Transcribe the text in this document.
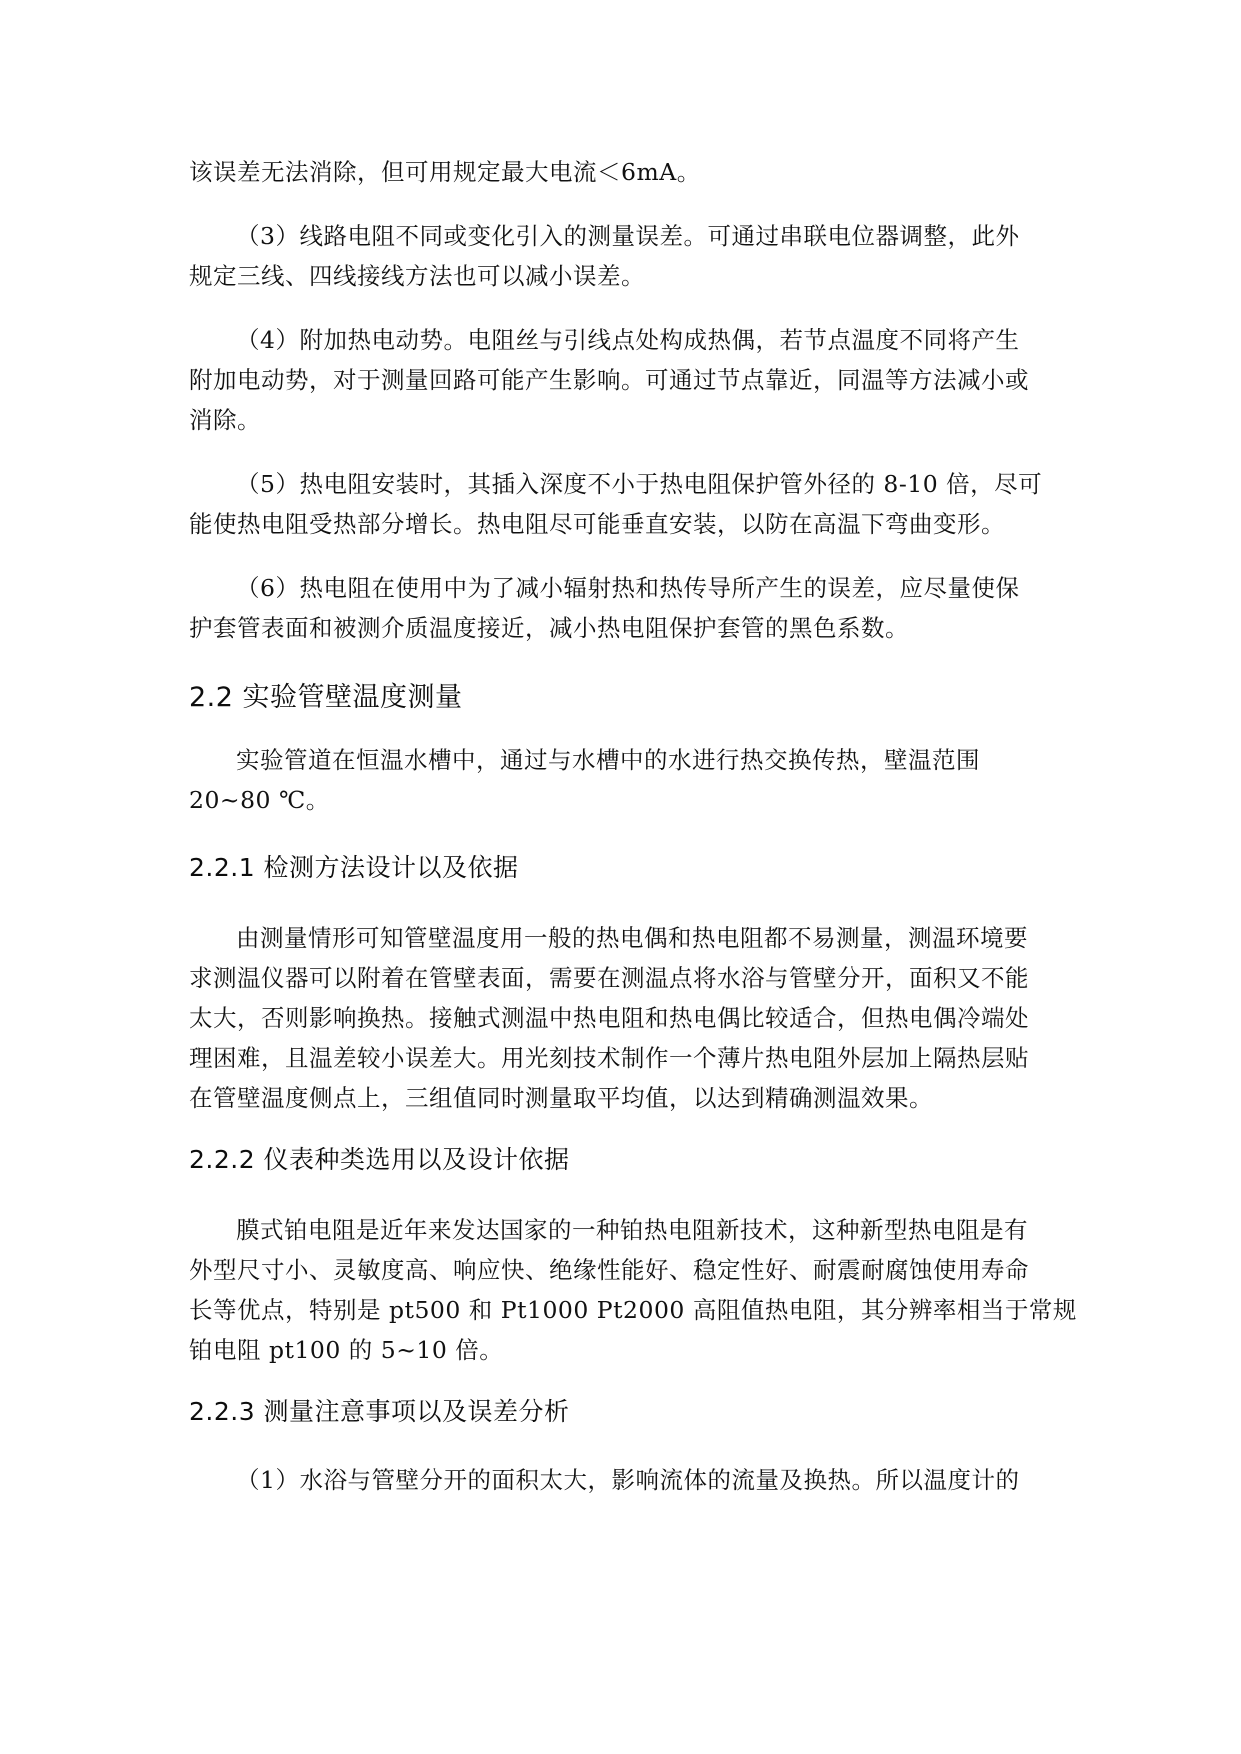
该误差无法消除，但可用规定最大电流＜6mA。

（3）线路电阻不同或变化引入的测量误差。可通过串联电位器调整，此外
规定三线、四线接线方法也可以减小误差。

（4）附加热电动势。电阻丝与引线点处构成热偶，若节点温度不同将产生
附加电动势，对于测量回路可能产生影响。可通过节点靠近，同温等方法减小或
消除。

（5）热电阻安装时，其插入深度不小于热电阻保护管外径的 8-10 倍，尽可
能使热电阻受热部分增长。热电阻尽可能垂直安装，以防在高温下弯曲变形。

（6）热电阻在使用中为了减小辐射热和热传导所产生的误差，应尽量使保
护套管表面和被测介质温度接近，减小热电阻保护套管的黑色系数。

2.2 实验管壁温度测量

实验管道在恒温水槽中，通过与水槽中的水进行热交换传热，壁温范围
20~80 ℃。

2.2.1 检测方法设计以及依据

由测量情形可知管壁温度用一般的热电偶和热电阻都不易测量，测温环境要
求测温仪器可以附着在管壁表面，需要在测温点将水浴与管壁分开，面积又不能
太大，否则影响换热。接触式测温中热电阻和热电偶比较适合，但热电偶冷端处
理困难，且温差较小误差大。用光刻技术制作一个薄片热电阻外层加上隔热层贴
在管壁温度侧点上，三组值同时测量取平均值，以达到精确测温效果。

2.2.2 仪表种类选用以及设计依据

膜式铂电阻是近年来发达国家的一种铂热电阻新技术，这种新型热电阻是有
外型尺寸小、灵敏度高、响应快、绝缘性能好、稳定性好、耐震耐腐蚀使用寿命
长等优点，特别是 pt500 和 Pt1000 Pt2000 高阻值热电阻，其分辨率相当于常规
铂电阻 pt100 的 5~10 倍。

2.2.3 测量注意事项以及误差分析

（1）水浴与管壁分开的面积太大，影响流体的流量及换热。所以温度计的
